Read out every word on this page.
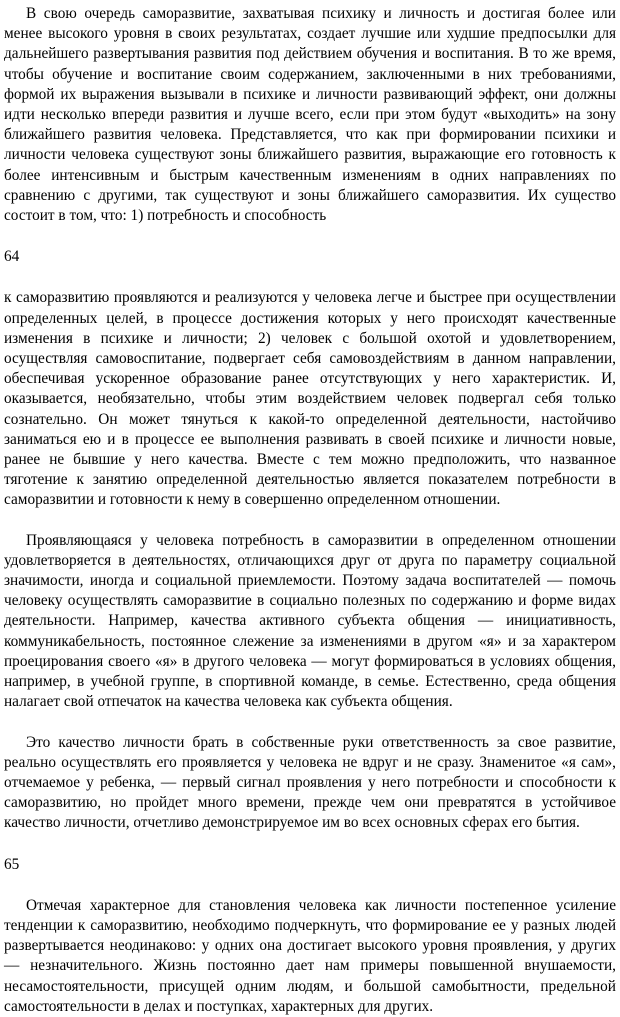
В свою очередь саморазвитие, захватывая психику и личность и достигая более или менее высокого уровня в своих результатах, создает лучшие или худшие предпосылки для дальнейшего развертывания развития под действием обучения и воспитания. В то же время, чтобы обучение и воспитание своим содержанием, заключенными в них требованиями, формой их выражения вызывали в психике и личности развивающий эффект, они должны идти несколько впереди развития и лучше всего, если при этом будут «выходить» на зону ближайшего развития человека. Представляется, что как при формировании психики и личности человека существуют зоны ближайшего развития, выражающие его готовность к более интенсивным и быстрым качественным изменениям в одних направлениях по сравнению с другими, так существуют и зоны ближайшего саморазвития. Их существо состоит в том, что: 1) потребность и способность

64

к саморазвитию проявляются и реализуются у человека легче и быстрее при осуществлении определенных целей, в процессе достижения которых у него происходят качественные изменения в психике и личности; 2) человек с большой охотой и удовлетворением, осуществляя самовоспитание, подвергает себя самовоздействиям в данном направлении, обеспечивая ускоренное образование ранее отсутствующих у него характеристик. И, оказывается, необязательно, чтобы этим воздействием человек подвергал себя только сознательно. Он может тянуться к какой-то определенной деятельности, настойчиво заниматься ею и в процессе ее выполнения развивать в своей психике и личности новые, ранее не бывшие у него качества. Вместе с тем можно предположить, что названное тяготение к занятию определенной деятельностью является показателем потребности в саморазвитии и готовности к нему в совершенно определенном отношении.

Проявляющаяся у человека потребность в саморазвитии в определенном отношении удовлетворяется в деятельностях, отличающихся друг от друга по параметру социальной значимости, иногда и социальной приемлемости. Поэтому задача воспитателей — помочь человеку осуществлять саморазвитие в социально полезных по содержанию и форме видах деятельности. Например, качества активного субъекта общения — инициативность, коммуникабельность, постоянное слежение за изменениями в другом «я» и за характером проецирования своего «я» в другого человека — могут формироваться в условиях общения, например, в учебной группе, в спортивной команде, в семье. Естественно, среда общения налагает свой отпечаток на качества человека как субъекта общения.

Это качество личности брать в собственные руки ответственность за свое развитие, реально осуществлять его проявляется у человека не вдруг и не сразу. Знаменитое «я сам», отчемаемое у ребенка, — первый сигнал проявления у него потребности и способности к саморазвитию, но пройдет много времени, прежде чем они превратятся в устойчивое качество личности, отчетливо демонстрируемое им во всех основных сферах его бытия.

65

Отмечая характерное для становления человека как личности постепенное усиление тенденции к саморазвитию, необходимо подчеркнуть, что формирование ее у разных людей развертывается неодинаково: у одних она достигает высокого уровня проявления, у других — незначительного. Жизнь постоянно дает нам примеры повышенной внушаемости, несамостоятельности, присущей одним людям, и большой самобытности, предельной самостоятельности в делах и поступках, характерных для других.
